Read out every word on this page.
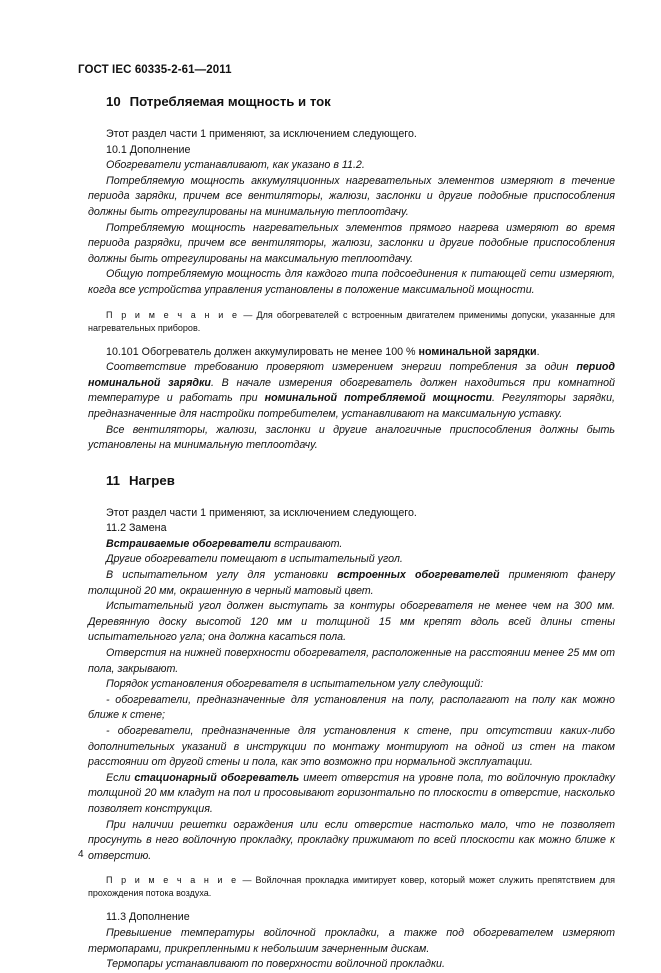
ГОСТ IEC 60335-2-61—2011
10 Потребляемая мощность и ток

Этот раздел части 1 применяют, за исключением следующего.

10.1 Дополнение

Обогреватели устанавливают, как указано в 11.2.

Потребляемую мощность аккумуляционных нагревательных элементов измеряют в течение периода зарядки, причем все вентиляторы, жалюзи, заслонки и другие подобные приспособления должны быть отрегулированы на минимальную теплоотдачу.

Потребляемую мощность нагревательных элементов прямого нагрева измеряют во время периода разрядки, причем все вентиляторы, жалюзи, заслонки и другие подобные приспособления должны быть отрегулированы на максимальную теплоотдачу.

Общую потребляемую мощность для каждого типа подсоединения к питающей сети измеряют, когда все устройства управления установлены в положение максимальной мощности.

П р и м е ч а н и е — Для обогревателей с встроенным двигателем применимы допуски, указанные для нагревательных приборов.

10.101 Обогреватель должен аккумулировать не менее 100 % номинальной зарядки.

Соответствие требованию проверяют измерением энергии потребления за один период номинальной зарядки. В начале измерения обогреватель должен находиться при комнатной температуре и работать при номинальной потребляемой мощности. Регуляторы зарядки, предназначенные для настройки потребителем, устанавливают на максимальную уставку.

Все вентиляторы, жалюзи, заслонки и другие аналогичные приспособления должны быть установлены на минимальную теплоотдачу.

11 Нагрев

Этот раздел части 1 применяют, за исключением следующего.

11.2 Замена

Встраиваемые обогреватели встраивают.

Другие обогреватели помещают в испытательный угол.

В испытательном углу для установки встроенных обогревателей применяют фанеру толщиной 20 мм, окрашенную в черный матовый цвет.

Испытательный угол должен выступать за контуры обогревателя не менее чем на 300 мм. Деревянную доску высотой 120 мм и толщиной 15 мм крепят вдоль всей длины стены испытательного угла; она должна касаться пола.

Отверстия на нижней поверхности обогревателя, расположенные на расстоянии менее 25 мм от пола, закрывают.

Порядок установления обогревателя в испытательном углу следующий:

- обогреватели, предназначенные для установления на полу, располагают на полу как можно ближе к стене;

- обогреватели, предназначенные для установления к стене, при отсутствии каких-либо дополнительных указаний в инструкции по монтажу монтируют на одной из стен на таком расстоянии от другой стены и пола, как это возможно при нормальной эксплуатации.

Если стационарный обогреватель имеет отверстия на уровне пола, то войлочную прокладку толщиной 20 мм кладут на пол и просовывают горизонтально по плоскости в отверстие, насколько позволяет конструкция.

При наличии решетки ограждения или если отверстие настолько мало, что не позволяет просунуть в него войлочную прокладку, прокладку прижимают по всей плоскости как можно ближе к отверстию.

П р и м е ч а н и е — Войлочная прокладка имитирует ковер, который может служить препятствием для прохождения потока воздуха.

11.3 Дополнение

Превышение температуры войлочной прокладки, а также под обогревателем измеряют термопарами, прикрепленными к небольшим зачерненным дискам.

Термопары устанавливают по поверхности войлочной прокладки.

4
